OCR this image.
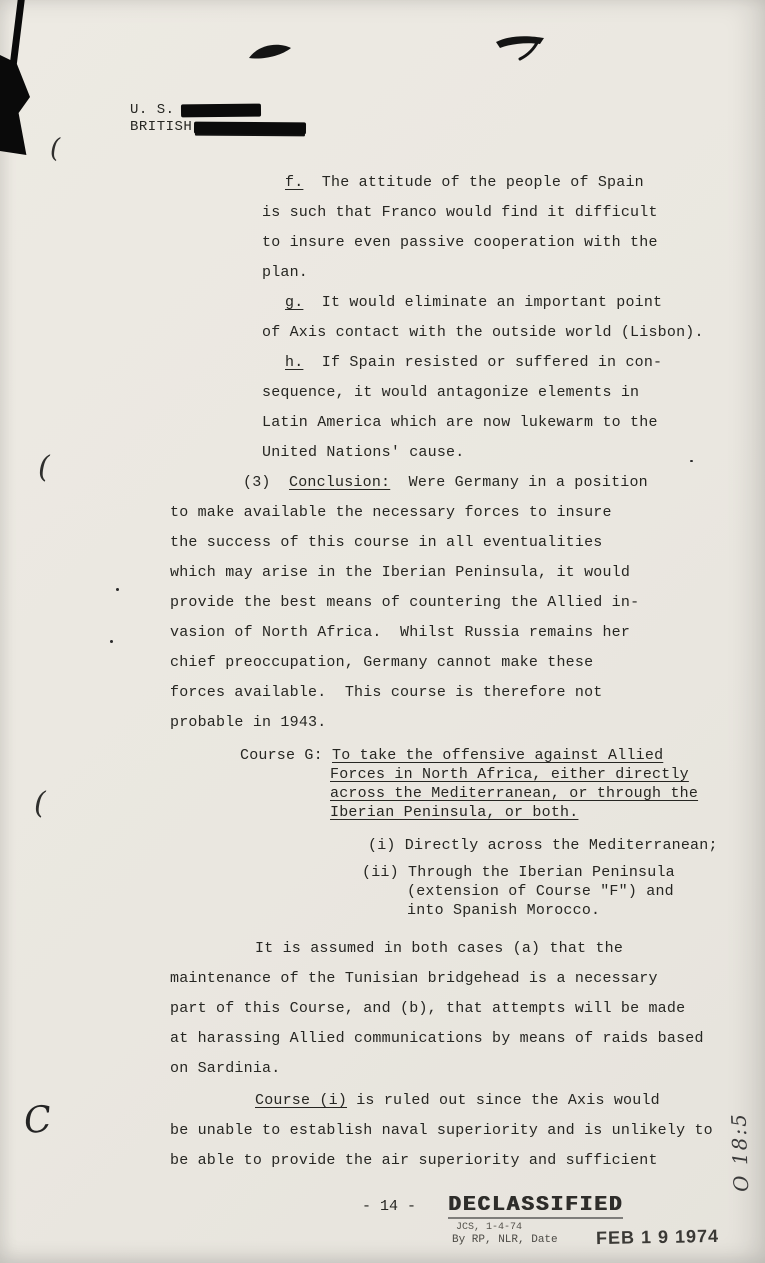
(
(
(
C	O 18:5
U. S.
BRITISH
f.  The attitude of the people of Spain
is such that Franco would find it difficult
to insure even passive cooperation with the
plan.
g.  It would eliminate an important point
of Axis contact with the outside world (Lisbon).
h.  If Spain resisted or suffered in con-
sequence, it would antagonize elements in
Latin America which are now lukewarm to the
United Nations' cause.
(3)  Conclusion:  Were Germany in a position
to make available the necessary forces to insure
the success of this course in all eventualities
which may arise in the Iberian Peninsula, it would
provide the best means of countering the Allied in-
vasion of North Africa.  Whilst Russia remains her
chief preoccupation, Germany cannot make these
forces available.  This course is therefore not
probable in 1943.
Course G: To take the offensive against Allied
Forces in North Africa, either directly
across the Mediterranean, or through the
Iberian Peninsula, or both.
(i) Directly across the Mediterranean;
(ii) Through the Iberian Peninsula
(extension of Course "F") and
into Spanish Morocco.
It is assumed in both cases (a) that the
maintenance of the Tunisian bridgehead is a necessary
part of this Course, and (b), that attempts will be made
at harassing Allied communications by means of raids based
on Sardinia.
Course (i) is ruled out since the Axis would
be unable to establish naval superiority and is unlikely to
be able to provide the air superiority and sufficient
- 14 - DECLASSIFIED
JCS, 1-4-74
By RP, NLR, Date FEB 1 9 1974
